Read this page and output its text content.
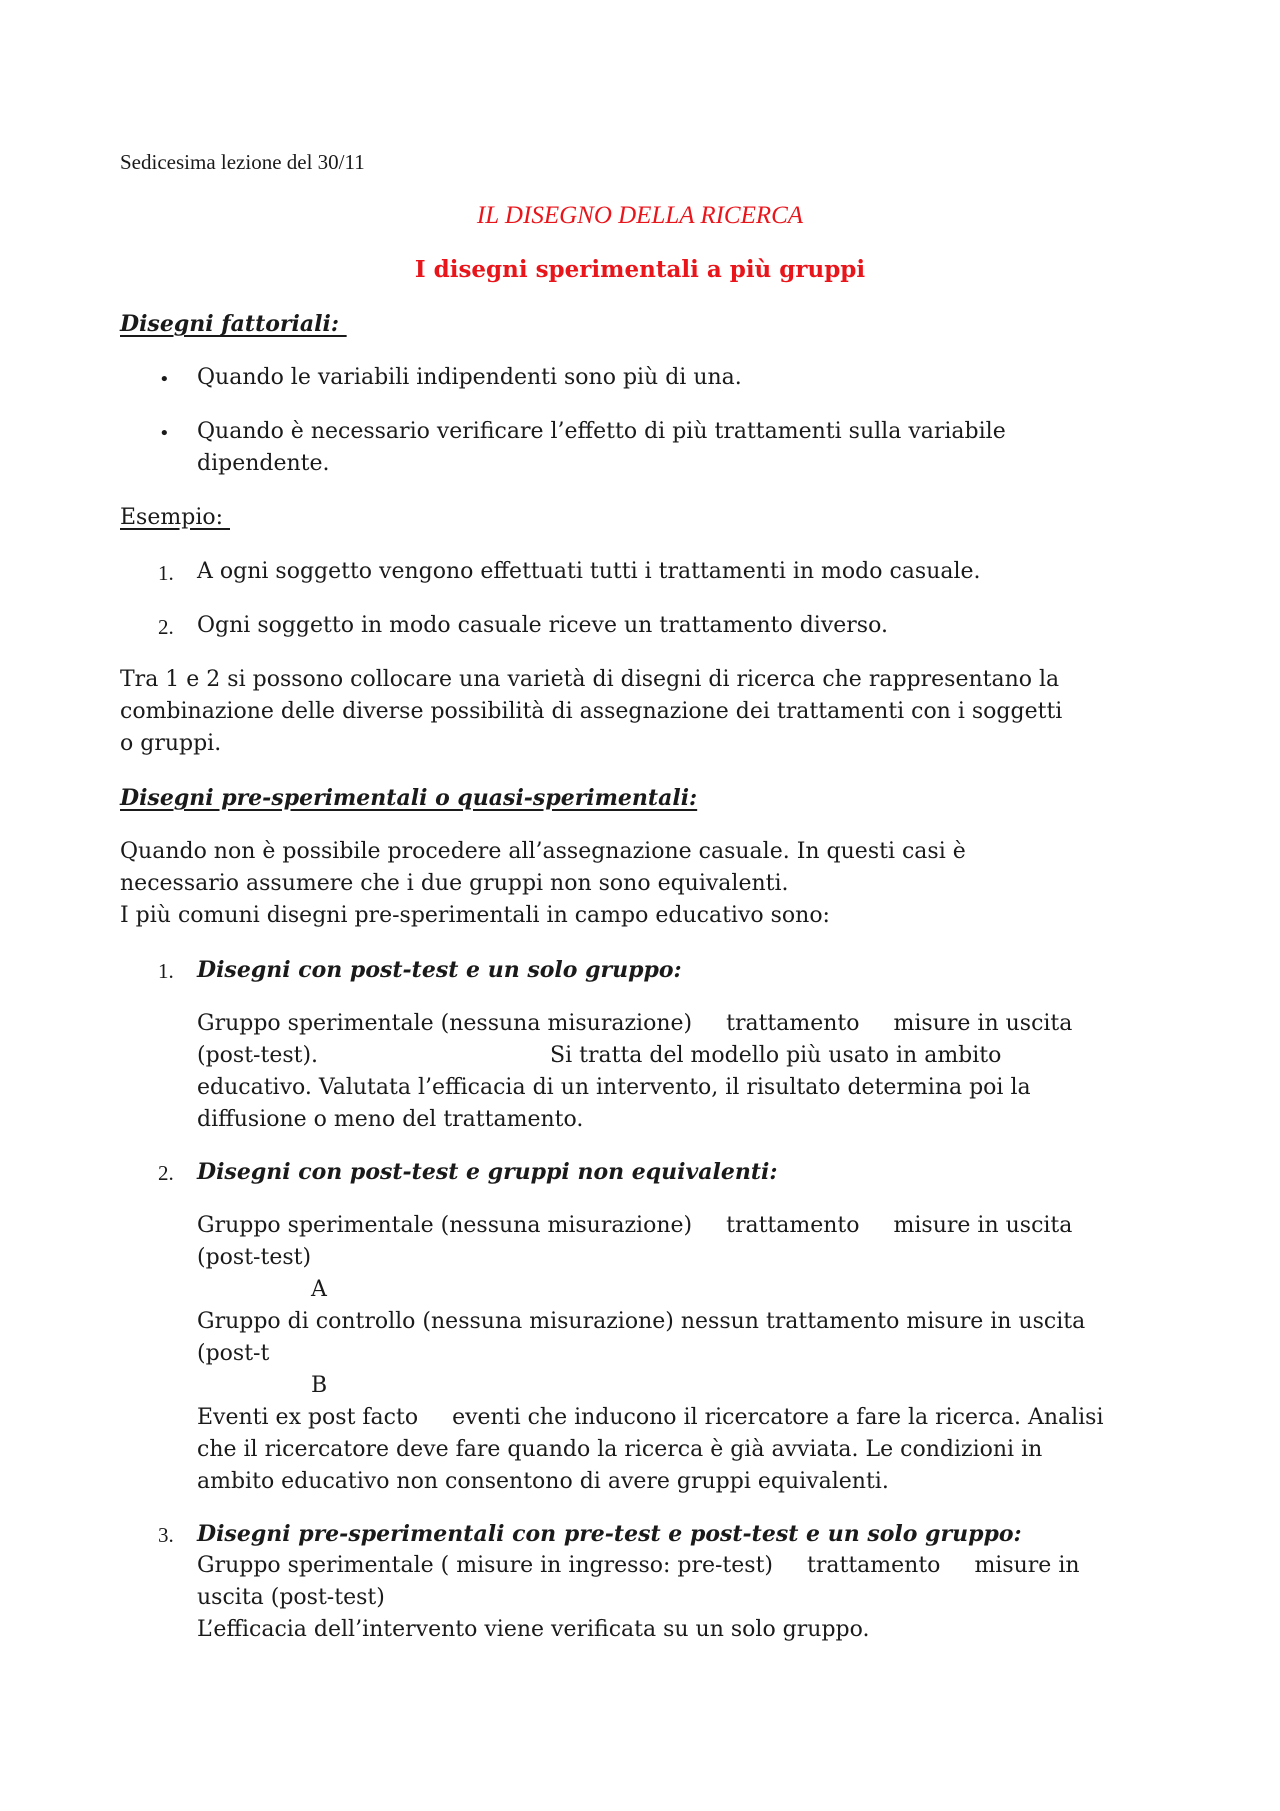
Sedicesima lezione del 30/11

IL DISEGNO DELLA RICERCA

I disegni sperimentali a più gruppi

Disegni fattoriali:

• Quando le variabili indipendenti sono più di una.

• Quando è necessario verificare l’effetto di più trattamenti sulla variabile
dipendente.

Esempio:

1. A ogni soggetto vengono effettuati tutti i trattamenti in modo casuale.

2. Ogni soggetto in modo casuale riceve un trattamento diverso.

Tra 1 e 2 si possono collocare una varietà di disegni di ricerca che rappresentano la
combinazione delle diverse possibilità di assegnazione dei trattamenti con i soggetti
o gruppi.

Disegni pre-sperimentali o quasi-sperimentali:

Quando non è possibile procedere all’assegnazione casuale. In questi casi è
necessario assumere che i due gruppi non sono equivalenti.
I più comuni disegni pre-sperimentali in campo educativo sono:

1. Disegni con post-test e un solo gruppo:

Gruppo sperimentale (nessuna misurazione) trattamento misure in uscita
(post-test).	Si tratta del modello più usato in ambito
educativo. Valutata l’efficacia di un intervento, il risultato determina poi la
diffusione o meno del trattamento.

2. Disegni con post-test e gruppi non equivalenti:

Gruppo sperimentale (nessuna misurazione) trattamento misure in uscita
(post-test)
A
Gruppo di controllo (nessuna misurazione) nessun trattamento misure in uscita
(post-t
B
Eventi ex post facto eventi che inducono il ricercatore a fare la ricerca. Analisi
che il ricercatore deve fare quando la ricerca è già avviata. Le condizioni in
ambito educativo non consentono di avere gruppi equivalenti.

3. Disegni pre-sperimentali con pre-test e post-test e un solo gruppo:

Gruppo sperimentale ( misure in ingresso: pre-test) trattamento misure in
uscita (post-test)
L’efficacia dell’intervento viene verificata su un solo gruppo.
